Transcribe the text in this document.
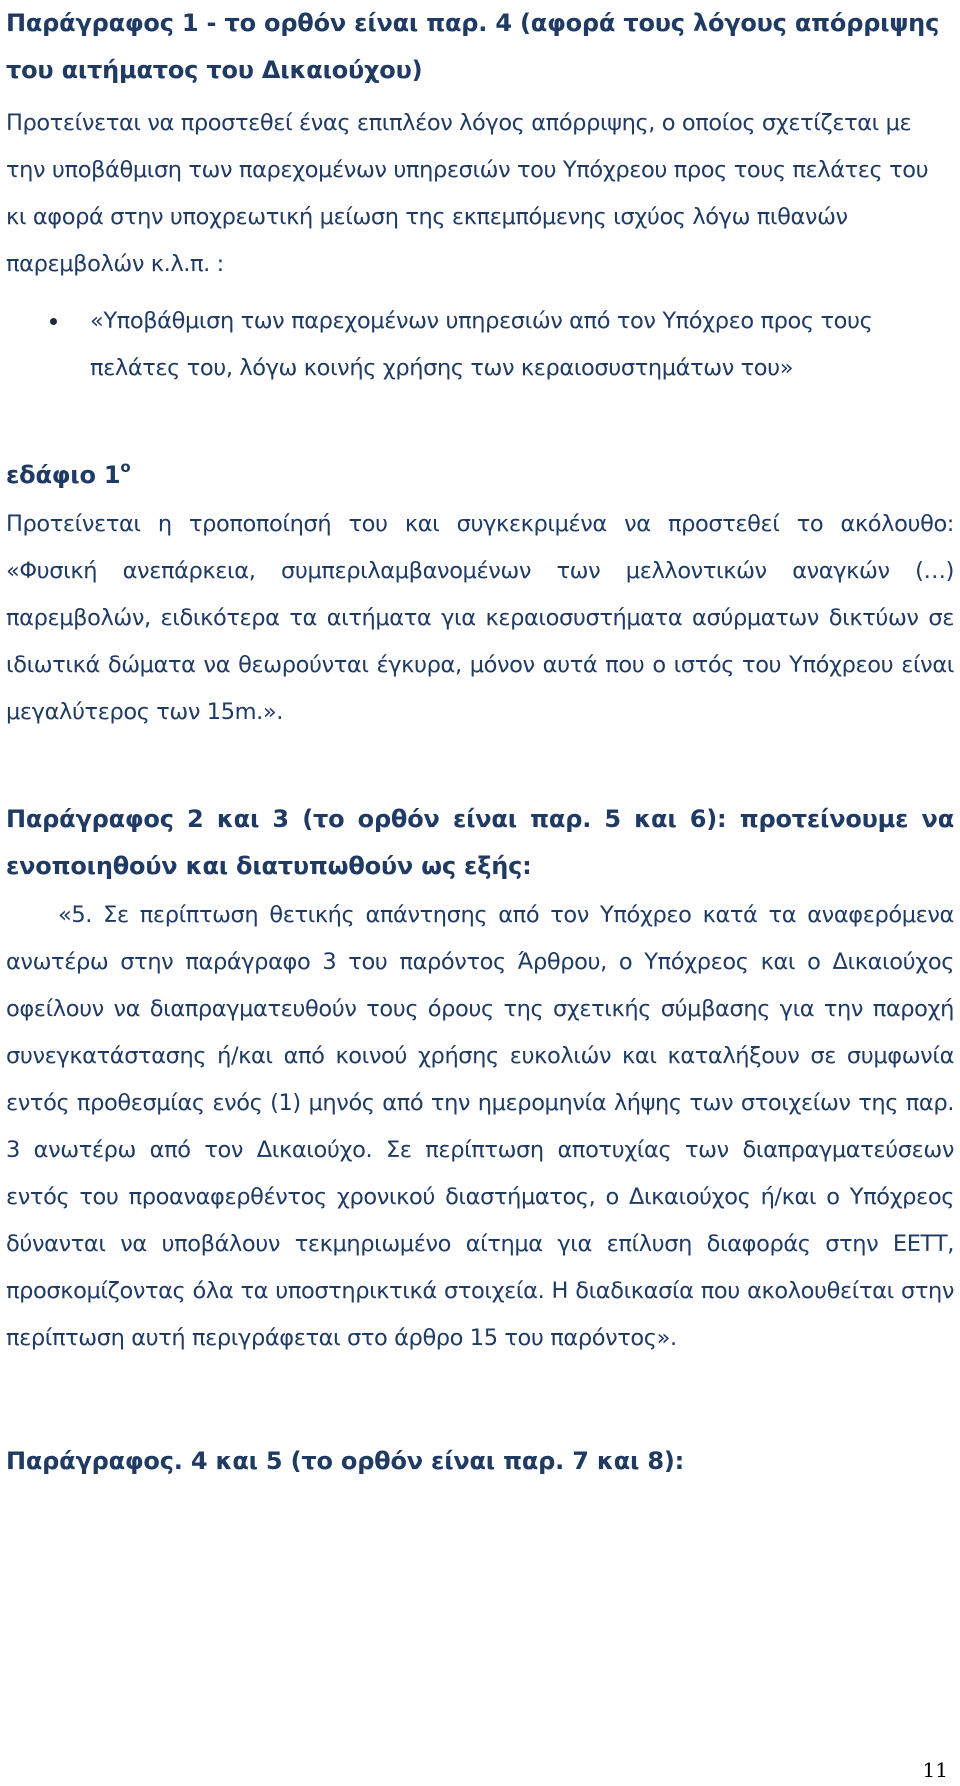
Παράγραφος 1 - το ορθόν είναι παρ. 4 (αφορά τους λόγους απόρριψης του αιτήματος του Δικαιούχου)

Προτείνεται να προστεθεί ένας επιπλέον λόγος απόρριψης, ο οποίος σχετίζεται με την υποβάθμιση των παρεχομένων υπηρεσιών του Υπόχρεου προς τους πελάτες του κι αφορά στην υποχρεωτική μείωση της εκπεμπόμενης ισχύος λόγω πιθανών παρεμβολών κ.λ.π. :

«Υποβάθμιση των παρεχομένων υπηρεσιών από τον Υπόχρεο προς τους πελάτες του, λόγω κοινής χρήσης των κεραιοσυστημάτων του»

εδάφιο $1^o$

Προτείνεται η τροποποίησή του και συγκεκριμένα να προστεθεί το ακόλουθο: «Φυσική ανεπάρκεια, συμπεριλαμβανομένων των μελλοντικών αναγκών (…) παρεμβολών, ειδικότερα τα αιτήματα για κεραιοσυστήματα ασύρματων δικτύων σε ιδιωτικά δώματα να θεωρούνται έγκυρα, μόνον αυτά που ο ιστός του Υπόχρεου είναι μεγαλύτερος των 15m.».

Παράγραφος 2 και 3 (το ορθόν είναι παρ. 5 και 6): προτείνουμε να ενοποιηθούν και διατυπωθούν ως εξής:

«5. Σε περίπτωση θετικής απάντησης από τον Υπόχρεο κατά τα αναφερόμενα ανωτέρω στην παράγραφο 3 του παρόντος Άρθρου, ο Υπόχρεος και ο Δικαιούχος οφείλουν να διαπραγματευθούν τους όρους της σχετικής σύμβασης για την παροχή συνεγκατάστασης ή/και από κοινού χρήσης ευκολιών και καταλήξουν σε συμφωνία εντός προθεσμίας ενός (1) μηνός από την ημερομηνία λήψης των στοιχείων της παρ. 3 ανωτέρω από τον Δικαιούχο. Σε περίπτωση αποτυχίας των διαπραγματεύσεων εντός του προαναφερθέντος χρονικού διαστήματος, ο Δικαιούχος ή/και ο Υπόχρεος δύνανται να υποβάλουν τεκμηριωμένο αίτημα για επίλυση διαφοράς στην ΕΕΤΤ, προσκομίζοντας όλα τα υποστηρικτικά στοιχεία. Η διαδικασία που ακολουθείται στην περίπτωση αυτή περιγράφεται στο άρθρο 15 του παρόντος».

Παράγραφος. 4 και 5 (το ορθόν είναι παρ. 7 και 8):

11
